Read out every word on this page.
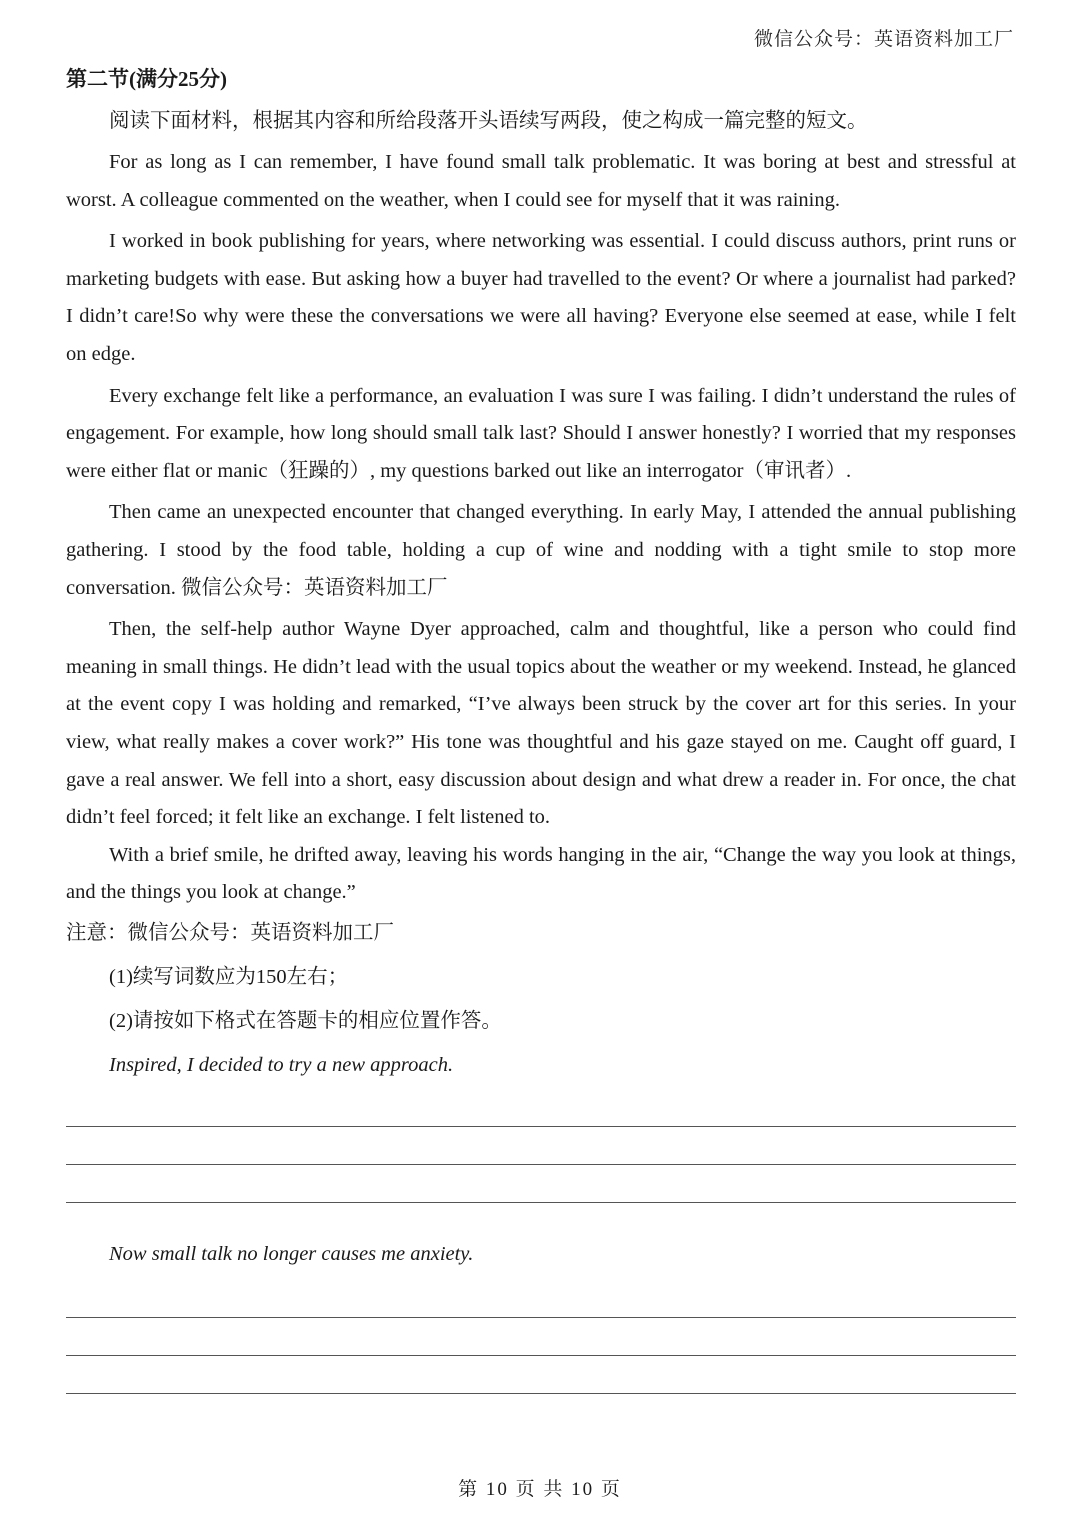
微信公众号：英语资料加工厂
第二节(满分25分)
阅读下面材料，根据其内容和所给段落开头语续写两段，使之构成一篇完整的短文。

For as long as I can remember, I have found small talk problematic. It was boring at best and stressful at worst. A colleague commented on the weather, when I could see for myself that it was raining.

I worked in book publishing for years, where networking was essential. I could discuss authors, print runs or marketing budgets with ease. But asking how a buyer had travelled to the event? Or where a journalist had parked? I didn’t care!So why were these the conversations we were all having? Everyone else seemed at ease, while I felt on edge.

Every exchange felt like a performance, an evaluation I was sure I was failing. I didn’t understand the rules of engagement. For example, how long should small talk last? Should I answer honestly? I worried that my responses were either flat or manic（狂躁的）, my questions barked out like an interrogator（审讯者）.

Then came an unexpected encounter that changed everything. In early May, I attended the annual publishing gathering. I stood by the food table, holding a cup of wine and nodding with a tight smile to stop more conversation. 微信公众号：英语资料加工厂

Then, the self-help author Wayne Dyer approached, calm and thoughtful, like a person who could find meaning in small things. He didn’t lead with the usual topics about the weather or my weekend. Instead, he glanced at the event copy I was holding and remarked, “I’ve always been struck by the cover art for this series. In your view, what really makes a cover work?” His tone was thoughtful and his gaze stayed on me. Caught off guard, I gave a real answer. We fell into a short, easy discussion about design and what drew a reader in. For once, the chat didn’t feel forced; it felt like an exchange. I felt listened to.

With a brief smile, he drifted away, leaving his words hanging in the air, “Change the way you look at things, and the things you look at change.”

注意：微信公众号：英语资料加工厂
(1)续写词数应为150左右；
(2)请按如下格式在答题卡的相应位置作答。
Inspired, I decided to try a new approach.
Now small talk no longer causes me anxiety.
第 10 页 共 10 页
